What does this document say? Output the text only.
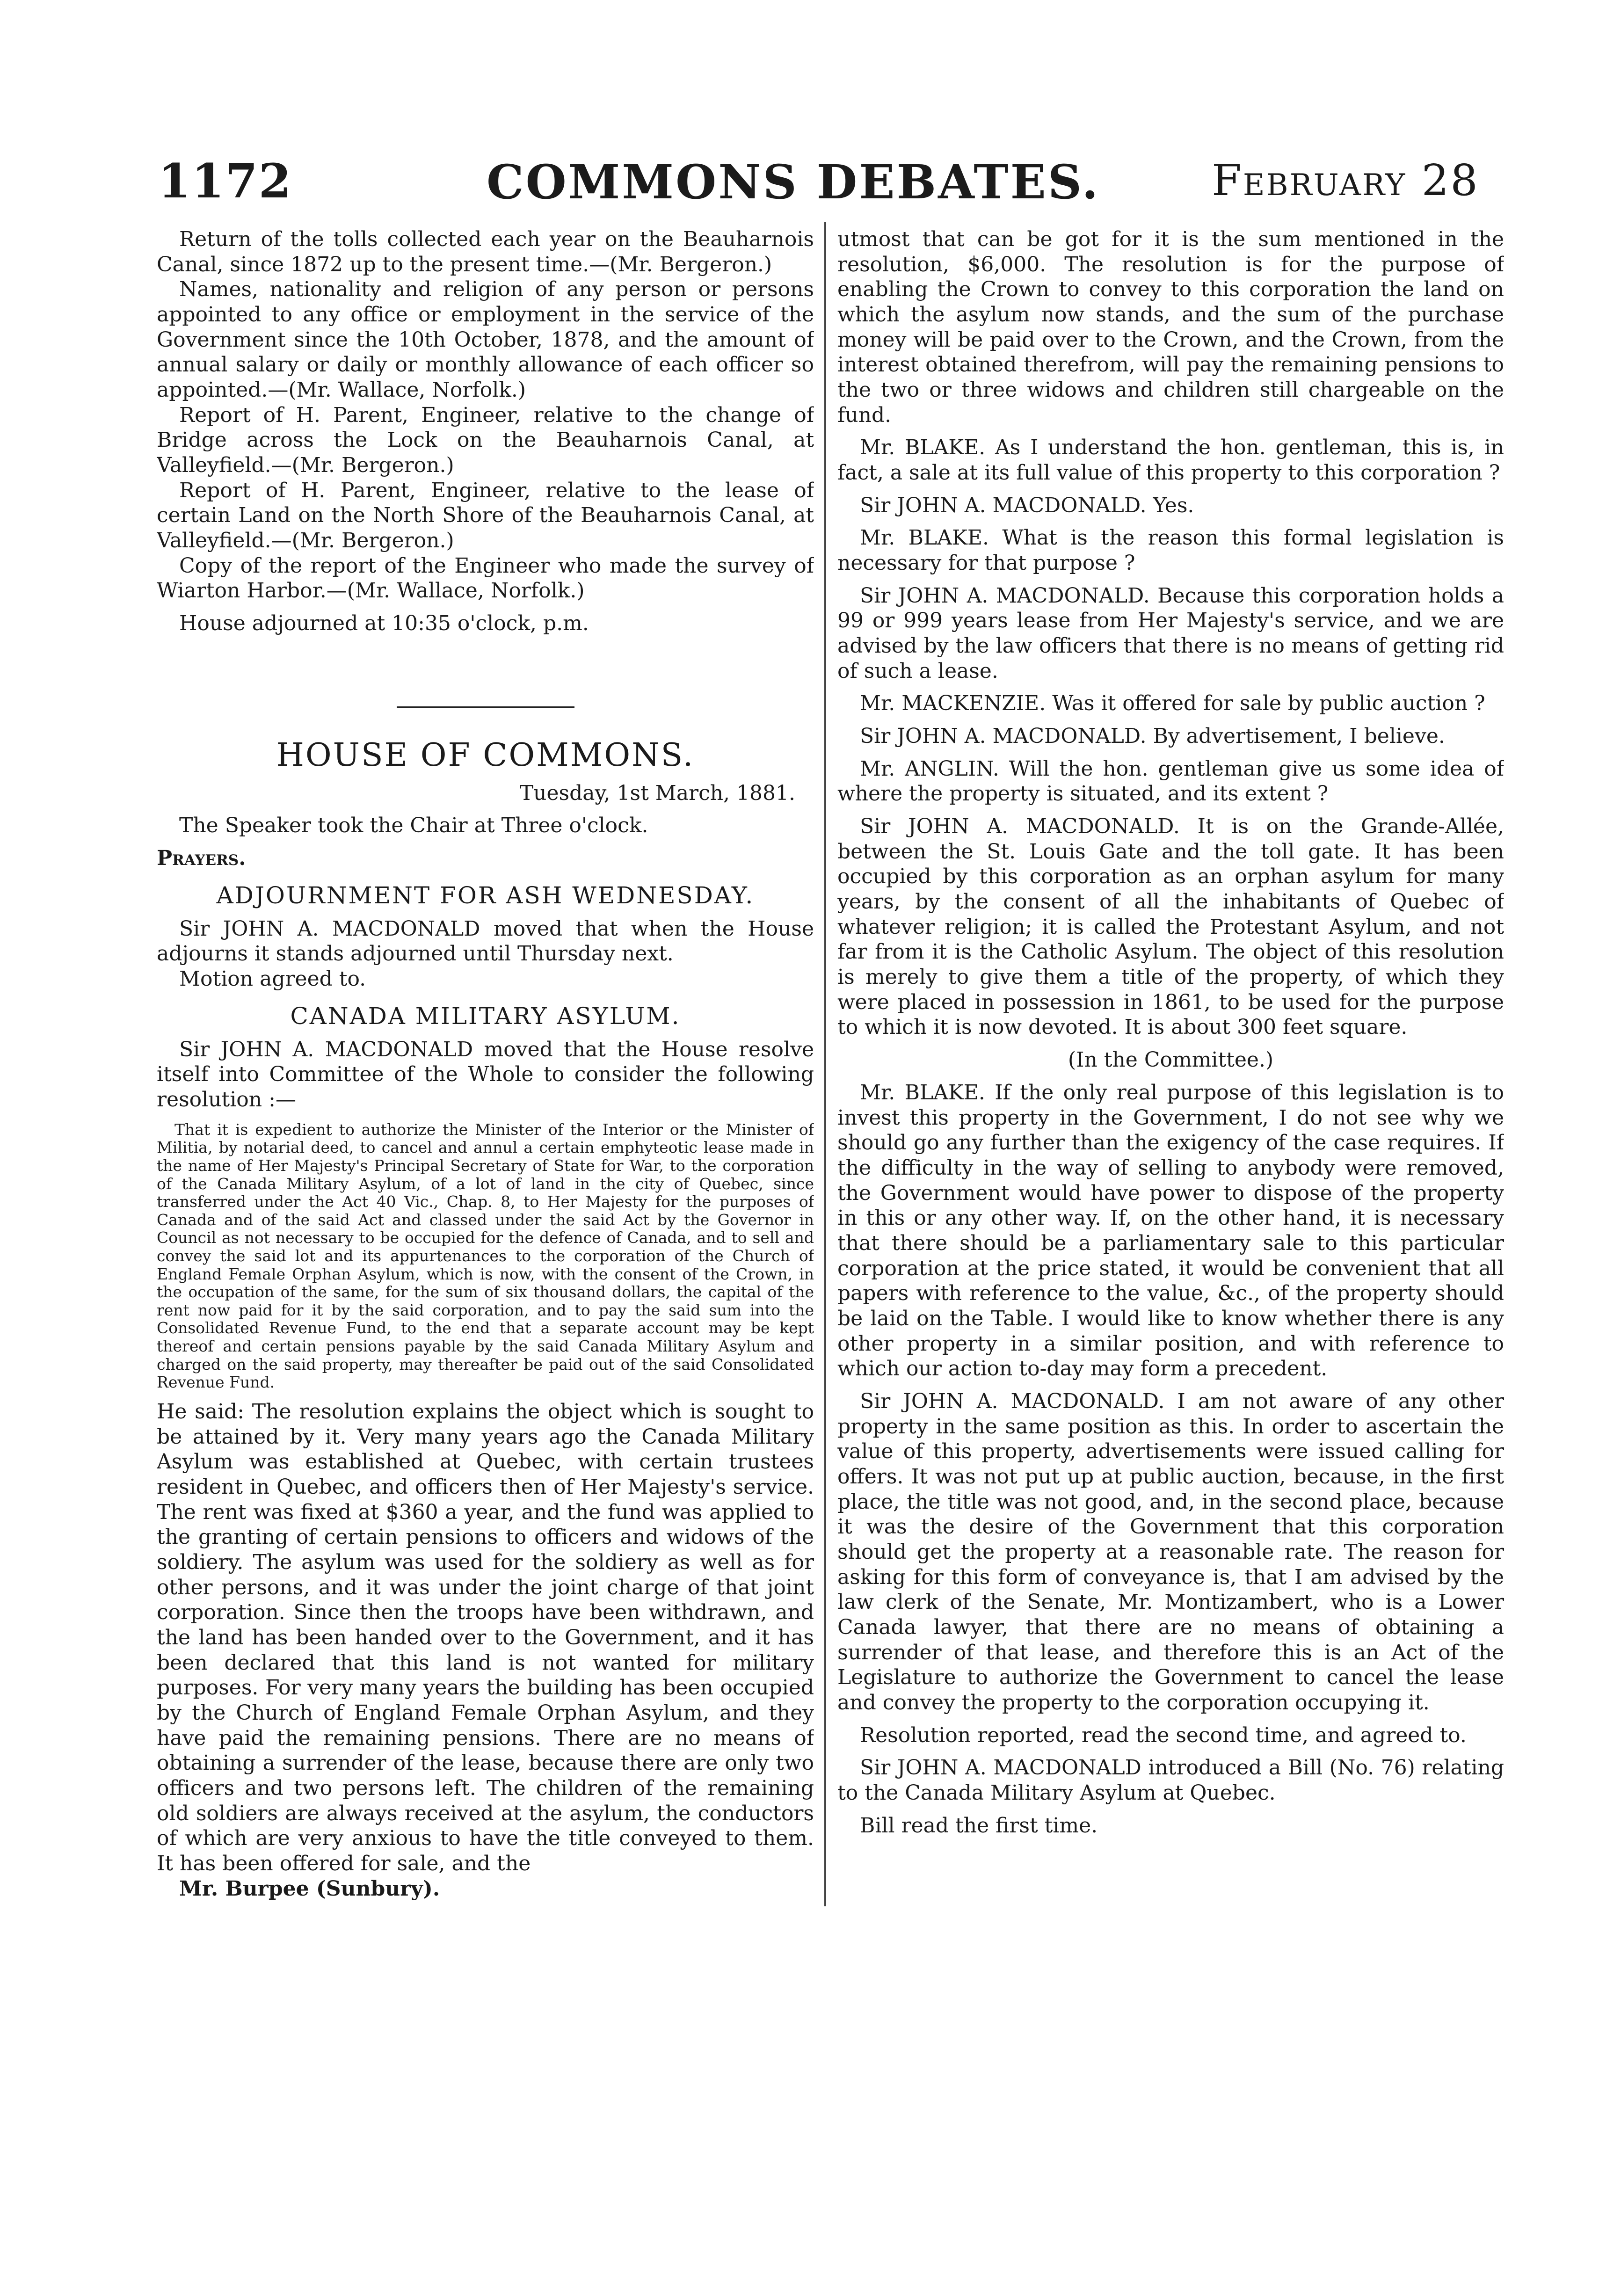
1172	COMMONS DEBATES.	February 28

Return of the tolls collected each year on the Beauharnois Canal, since 1872 up to the present time.—(Mr. Bergeron.)

Names, nationality and religion of any person or persons appointed to any office or employment in the service of the Government since the 10th October, 1878, and the amount of annual salary or daily or monthly allowance of each officer so appointed.—(Mr. Wallace, Norfolk.)

Report of H. Parent, Engineer, relative to the change of Bridge across the Lock on the Beauharnois Canal, at Valleyfield.—(Mr. Bergeron.)

Report of H. Parent, Engineer, relative to the lease of certain Land on the North Shore of the Beauharnois Canal, at Valleyfield.—(Mr. Bergeron.)

Copy of the report of the Engineer who made the survey of Wiarton Harbor.—(Mr. Wallace, Norfolk.)

House adjourned at 10:35 o'clock, p.m.

HOUSE OF COMMONS.

Tuesday, 1st March, 1881.

The Speaker took the Chair at Three o'clock.

Prayers.

ADJOURNMENT FOR ASH WEDNESDAY.

Sir JOHN A. MACDONALD moved that when the House adjourns it stands adjourned until Thursday next.

Motion agreed to.

CANADA MILITARY ASYLUM.

Sir JOHN A. MACDONALD moved that the House resolve itself into Committee of the Whole to consider the following resolution :—

That it is expedient to authorize the Minister of the Interior or the Minister of Militia, by notarial deed, to cancel and annul a certain emphyteotic lease made in the name of Her Majesty's Principal Secretary of State for War, to the corporation of the Canada Military Asylum, of a lot of land in the city of Quebec, since transferred under the Act 40 Vic., Chap. 8, to Her Majesty for the purposes of Canada and of the said Act and classed under the said Act by the Governor in Council as not necessary to be occupied for the defence of Canada, and to sell and convey the said lot and its appurtenances to the corporation of the Church of England Female Orphan Asylum, which is now, with the consent of the Crown, in the occupation of the same, for the sum of six thousand dollars, the capital of the rent now paid for it by the said corporation, and to pay the said sum into the Consolidated Revenue Fund, to the end that a separate account may be kept thereof and certain pensions payable by the said Canada Military Asylum and charged on the said property, may thereafter be paid out of the said Consolidated Revenue Fund.

He said: The resolution explains the object which is sought to be attained by it. Very many years ago the Canada Military Asylum was established at Quebec, with certain trustees resident in Quebec, and officers then of Her Majesty's service. The rent was fixed at $360 a year, and the fund was applied to the granting of certain pensions to officers and widows of the soldiery. The asylum was used for the soldiery as well as for other persons, and it was under the joint charge of that joint corporation. Since then the troops have been withdrawn, and the land has been handed over to the Government, and it has been declared that this land is not wanted for military purposes. For very many years the building has been occupied by the Church of England Female Orphan Asylum, and they have paid the remaining pensions. There are no means of obtaining a surrender of the lease, because there are only two officers and two persons left. The children of the remaining old soldiers are always received at the asylum, the conductors of which are very anxious to have the title conveyed to them. It has been offered for sale, and the

Mr. Burpee (Sunbury).

utmost that can be got for it is the sum mentioned in the resolution, $6,000. The resolution is for the purpose of enabling the Crown to convey to this corporation the land on which the asylum now stands, and the sum of the purchase money will be paid over to the Crown, and the Crown, from the interest obtained therefrom, will pay the remaining pensions to the two or three widows and children still chargeable on the fund.

Mr. BLAKE. As I understand the hon. gentleman, this is, in fact, a sale at its full value of this property to this corporation ?

Sir JOHN A. MACDONALD. Yes.

Mr. BLAKE. What is the reason this formal legislation is necessary for that purpose ?

Sir JOHN A. MACDONALD. Because this corporation holds a 99 or 999 years lease from Her Majesty's service, and we are advised by the law officers that there is no means of getting rid of such a lease.

Mr. MACKENZIE. Was it offered for sale by public auction ?

Sir JOHN A. MACDONALD. By advertisement, I believe.

Mr. ANGLIN. Will the hon. gentleman give us some idea of where the property is situated, and its extent ?

Sir JOHN A. MACDONALD. It is on the Grande-Allée, between the St. Louis Gate and the toll gate. It has been occupied by this corporation as an orphan asylum for many years, by the consent of all the inhabitants of Quebec of whatever religion; it is called the Protestant Asylum, and not far from it is the Catholic Asylum. The object of this resolution is merely to give them a title of the property, of which they were placed in possession in 1861, to be used for the purpose to which it is now devoted. It is about 300 feet square.

(In the Committee.)

Mr. BLAKE. If the only real purpose of this legislation is to invest this property in the Government, I do not see why we should go any further than the exigency of the case requires. If the difficulty in the way of selling to anybody were removed, the Government would have power to dispose of the property in this or any other way. If, on the other hand, it is necessary that there should be a parliamentary sale to this particular corporation at the price stated, it would be convenient that all papers with reference to the value, &c., of the property should be laid on the Table. I would like to know whether there is any other property in a similar position, and with reference to which our action to-day may form a precedent.

Sir JOHN A. MACDONALD. I am not aware of any other property in the same position as this. In order to ascertain the value of this property, advertisements were issued calling for offers. It was not put up at public auction, because, in the first place, the title was not good, and, in the second place, because it was the desire of the Government that this corporation should get the property at a reasonable rate. The reason for asking for this form of conveyance is, that I am advised by the law clerk of the Senate, Mr. Montizambert, who is a Lower Canada lawyer, that there are no means of obtaining a surrender of that lease, and therefore this is an Act of the Legislature to authorize the Government to cancel the lease and convey the property to the corporation occupying it.

Resolution reported, read the second time, and agreed to.

Sir JOHN A. MACDONALD introduced a Bill (No. 76) relating to the Canada Military Asylum at Quebec.

Bill read the first time.
